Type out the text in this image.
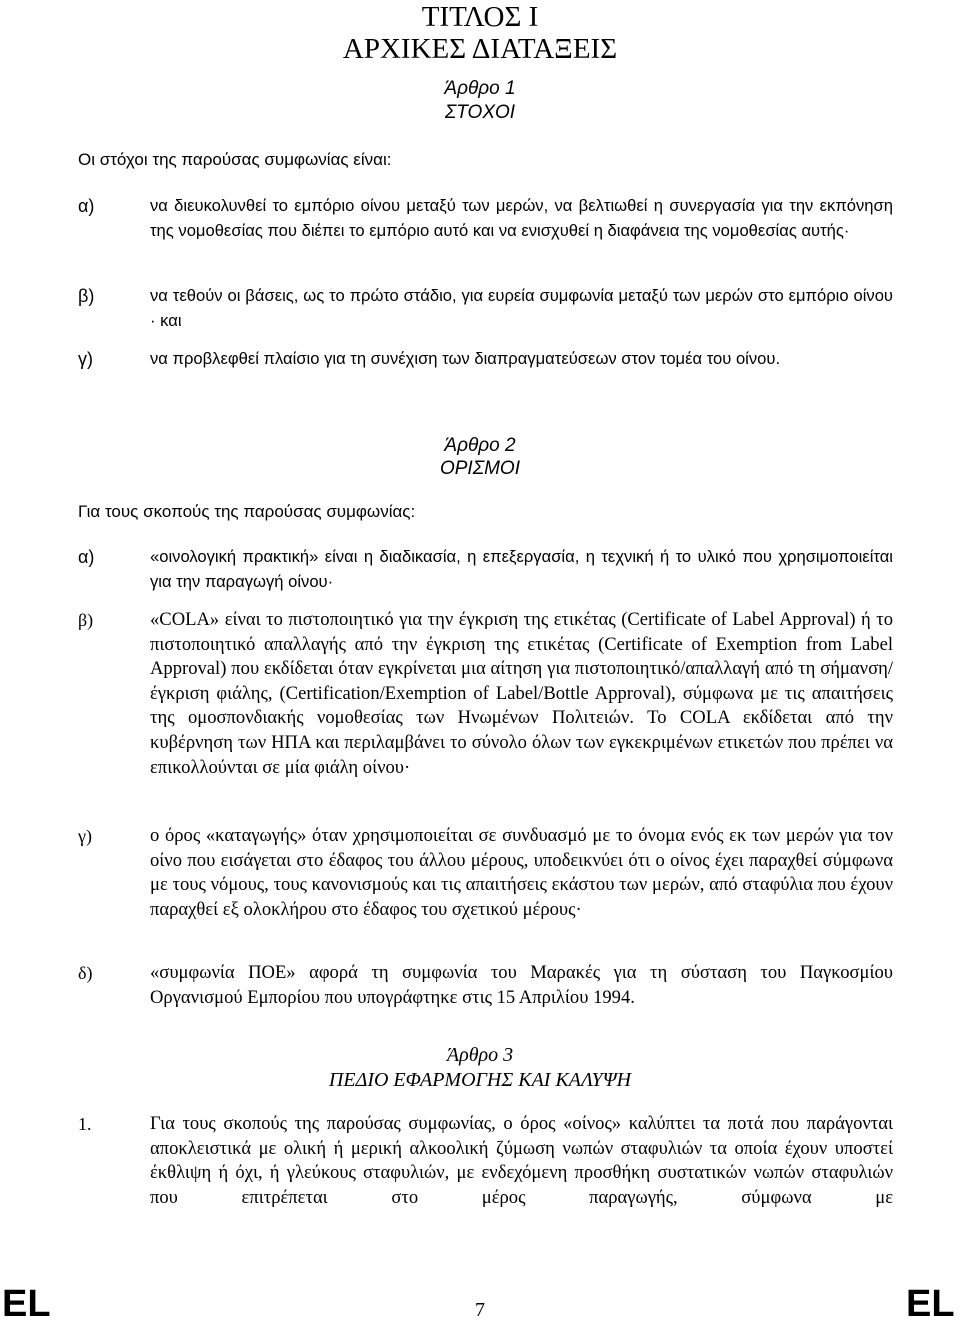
ΤΙΤΛΟΣ Ι
ΑΡΧΙΚΕΣ ΔΙΑΤΑΞΕΙΣ
Άρθρο 1
ΣΤΟΧΟΙ
Οι στόχοι της παρούσας συμφωνίας είναι:
α)	να διευκολυνθεί το εμπόριο οίνου μεταξύ των μερών, να βελτιωθεί η συνεργασία για την εκπόνηση της νομοθεσίας που διέπει το εμπόριο αυτό και να ενισχυθεί η διαφάνεια της νομοθεσίας αυτής·

β)	να τεθούν οι βάσεις, ως το πρώτο στάδιο, για ευρεία συμφωνία μεταξύ των μερών στο εμπόριο οίνου · και

γ)	να προβλεφθεί πλαίσιο για τη συνέχιση των διαπραγματεύσεων στον τομέα του οίνου.

Άρθρο 2
ΟΡΙΣΜΟΙ
Για τους σκοπούς της παρούσας συμφωνίας:
α)	«οινολογική πρακτική» είναι η διαδικασία, η επεξεργασία, η τεχνική ή το υλικό που χρησιμοποιείται για την παραγωγή οίνου·

β)	«COLA» είναι το πιστοποιητικό για την έγκριση της ετικέτας (Certificate of Label Approval) ή το πιστοποιητικό απαλλαγής από την έγκριση της ετικέτας (Certificate of Exemption from Label Approval) που εκδίδεται όταν εγκρίνεται μια αίτηση για πιστοποιητικό/απαλλαγή από τη σήμανση/έγκριση φιάλης, (Certification/Exemption of Label/Bottle Approval), σύμφωνα με τις απαιτήσεις της ομοσπονδιακής νομοθεσίας των Ηνωμένων Πολιτειών. Το COLA εκδίδεται από την κυβέρνηση των ΗΠΑ και περιλαμβάνει το σύνολο όλων των εγκεκριμένων ετικετών που πρέπει να επικολλούνται σε μία φιάλη οίνου·

γ)	ο όρος «καταγωγής» όταν χρησιμοποιείται σε συνδυασμό με το όνομα ενός εκ των μερών για τον οίνο που εισάγεται στο έδαφος του άλλου μέρους, υποδεικνύει ότι ο οίνος έχει παραχθεί σύμφωνα με τους νόμους, τους κανονισμούς και τις απαιτήσεις εκάστου των μερών, από σταφύλια που έχουν παραχθεί εξ ολοκλήρου στο έδαφος του σχετικού μέρους·

δ)	«συμφωνία ΠΟΕ» αφορά τη συμφωνία του Μαρακές για τη σύσταση του Παγκοσμίου Οργανισμού Εμπορίου που υπογράφτηκε στις 15 Απριλίου 1994.

Άρθρο 3
ΠΕΔΙΟ ΕΦΑΡΜΟΓΗΣ ΚΑΙ ΚΑΛΥΨΗ
1.	Για τους σκοπούς της παρούσας συμφωνίας, ο όρος «οίνος» καλύπτει τα ποτά που παράγονται αποκλειστικά με ολική ή μερική αλκοολική ζύμωση νωπών σταφυλιών τα οποία έχουν υποστεί έκθλιψη ή όχι, ή γλεύκους σταφυλιών, με ενδεχόμενη προσθήκη συστατικών νωπών σταφυλιών που επιτρέπεται στο μέρος παραγωγής, σύμφωνα με

EL	7	EL
